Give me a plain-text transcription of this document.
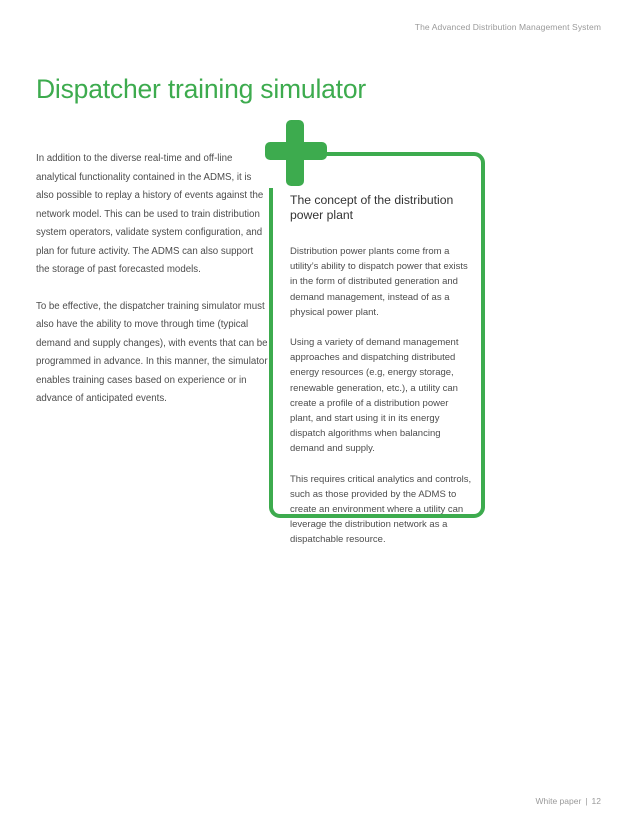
The Advanced Distribution Management System
Dispatcher training simulator

In addition to the diverse real-time and off-line analytical functionality contained in the ADMS, it is also possible to replay a history of events against the network model. This can be used to train distribution system operators, validate system configuration, and plan for future activity. The ADMS can also support the storage of past forecasted models.

To be effective, the dispatcher training simulator must also have the ability to move through time (typical demand and supply changes), with events that can be programmed in advance. In this manner, the simulator enables training cases based on experience or in advance of anticipated events.

The concept of the distribution power plant

Distribution power plants come from a utility’s ability to dispatch power that exists in the form of distributed generation and demand management, instead of as a physical power plant.

Using a variety of demand management approaches and dispatching distributed energy resources (e.g, energy storage, renewable generation, etc.), a utility can create a profile of a distribution power plant, and start using it in its energy dispatch algorithms when balancing demand and supply.

This requires critical analytics and controls, such as those provided by the ADMS to create an environment where a utility can leverage the distribution network as a dispatchable resource.

White paper | 12
